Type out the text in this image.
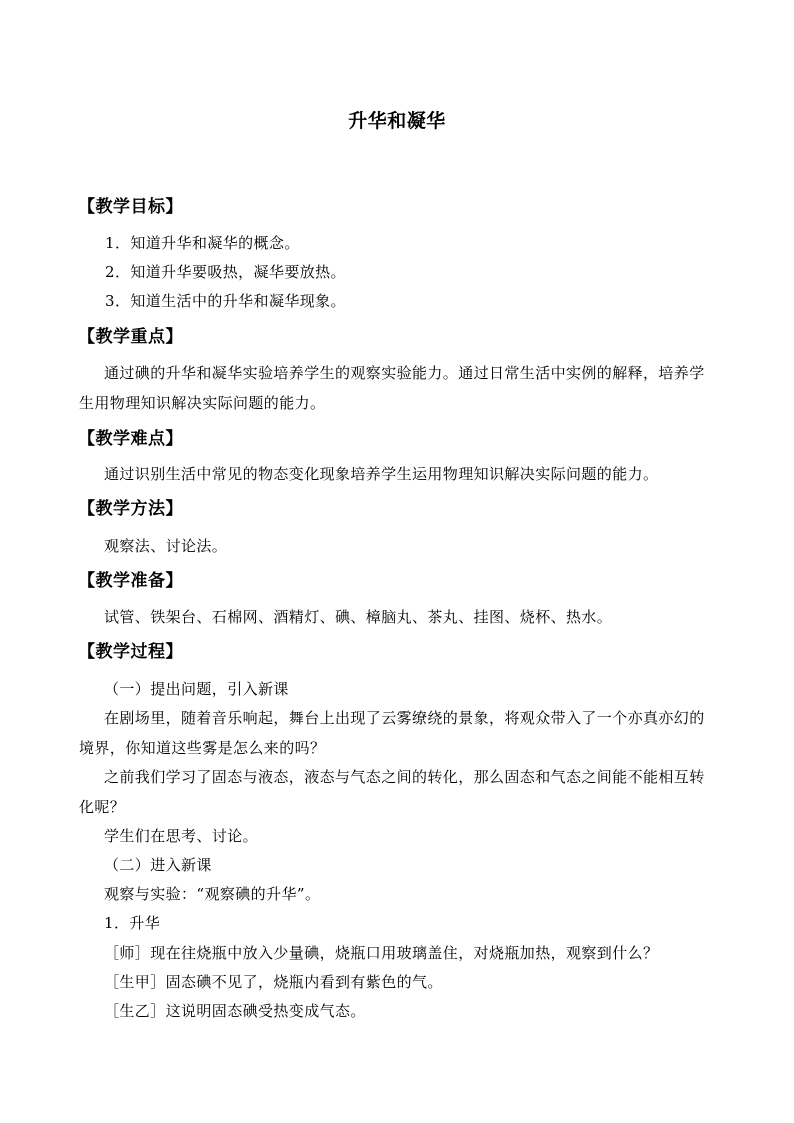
升华和凝华
【教学目标】
1．知道升华和凝华的概念。
2．知道升华要吸热，凝华要放热。
3．知道生活中的升华和凝华现象。
【教学重点】
通过碘的升华和凝华实验培养学生的观察实验能力。通过日常生活中实例的解释，培养学
生用物理知识解决实际问题的能力。
【教学难点】
通过识别生活中常见的物态变化现象培养学生运用物理知识解决实际问题的能力。
【教学方法】
观察法、讨论法。
【教学准备】
试管、铁架台、石棉网、酒精灯、碘、樟脑丸、茶丸、挂图、烧杯、热水。
【教学过程】
（一）提出问题，引入新课
在剧场里，随着音乐响起，舞台上出现了云雾缭绕的景象，将观众带入了一个亦真亦幻的
境界，你知道这些雾是怎么来的吗？
之前我们学习了固态与液态，液态与气态之间的转化，那么固态和气态之间能不能相互转
化呢？
学生们在思考、讨论。
（二）进入新课
观察与实验：“观察碘的升华”。
1．升华
［师］现在往烧瓶中放入少量碘，烧瓶口用玻璃盖住，对烧瓶加热，观察到什么？
［生甲］固态碘不见了，烧瓶内看到有紫色的气。
［生乙］这说明固态碘受热变成气态。
